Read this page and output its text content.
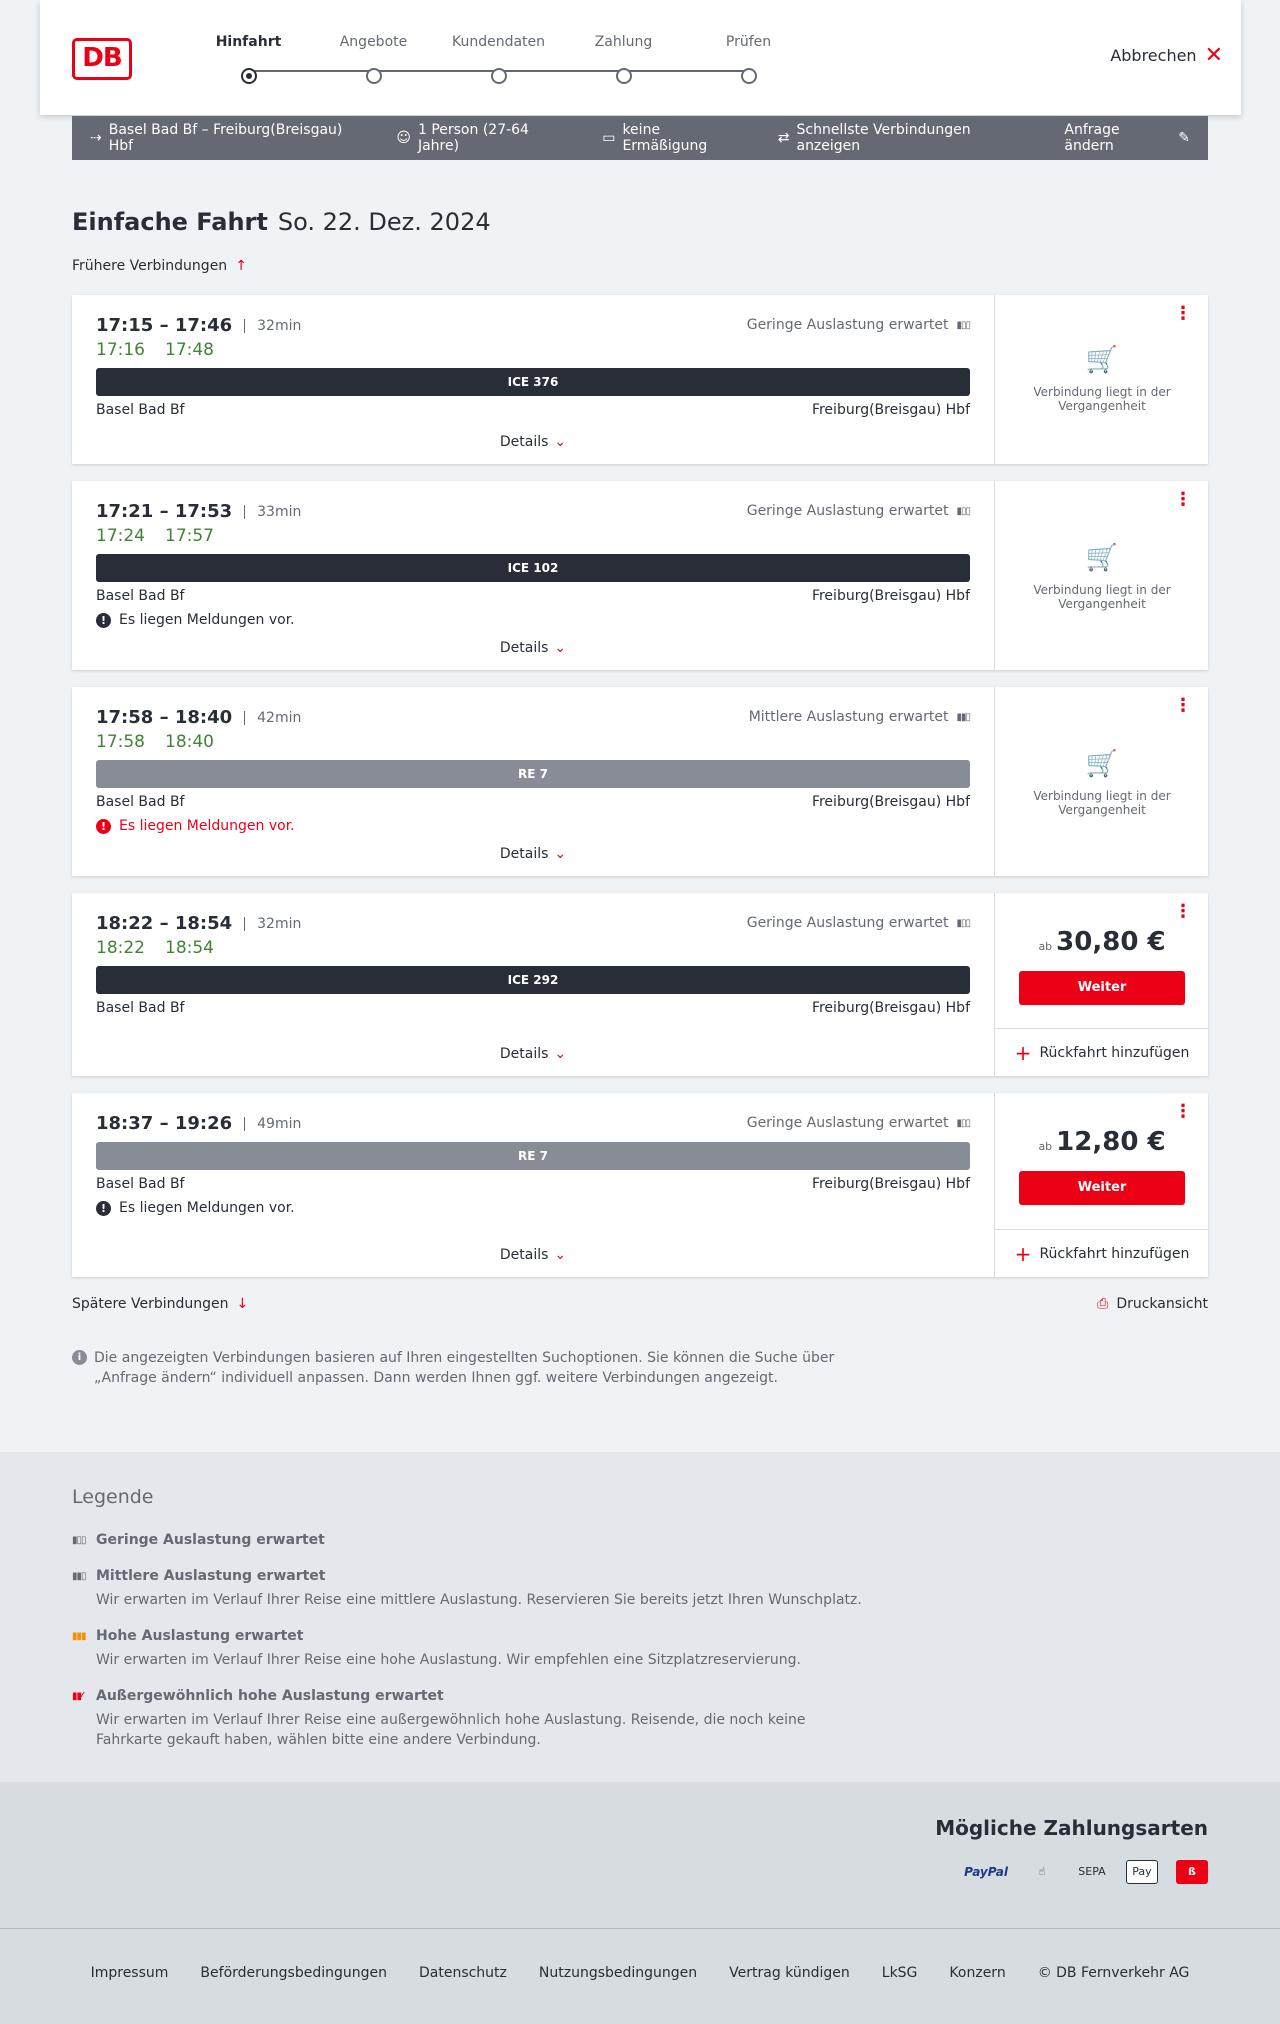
DB
Hinfahrt	Angebote	Kundendaten	Zahlung	Prüfen
Abbrechen ✕
⇢ Basel Bad Bf – Freiburg(Breisgau) Hbf	☺ 1 Person (27-64 Jahre)	▭ keine Ermäßigung	⇄ Schnellste Verbindungen anzeigen
Anfrage ändern	✎
Einfache Fahrt So. 22. Dez. 2024
Frühere Verbindungen ↑
17:15 – 17:46	32min	Geringe Auslastung erwartet ▮▯▯
17:16 17:48
ICE 376
Basel Bad Bf	Freiburg(Breisgau) Hbf
Details ⌄
⋮
🛒
Verbindung liegt in der Vergangenheit
17:21 – 17:53	33min	Geringe Auslastung erwartet ▮▯▯
17:24 17:57
ICE 102
Basel Bad Bf	Freiburg(Breisgau) Hbf
! Es liegen Meldungen vor.
Details ⌄
⋮
🛒
Verbindung liegt in der Vergangenheit
17:58 – 18:40	42min	Mittlere Auslastung erwartet ▮▮▯
17:58 18:40
RE 7
Basel Bad Bf	Freiburg(Breisgau) Hbf
! Es liegen Meldungen vor.
Details ⌄
⋮
🛒
Verbindung liegt in der Vergangenheit
18:22 – 18:54	32min	Geringe Auslastung erwartet ▮▯▯
18:22 18:54
ICE 292
Basel Bad Bf	Freiburg(Breisgau) Hbf
Details ⌄
⋮
ab 30,80 €
Weiter
+ Rückfahrt hinzufügen
18:37 – 19:26	49min	Geringe Auslastung erwartet ▮▯▯
RE 7
Basel Bad Bf	Freiburg(Breisgau) Hbf
! Es liegen Meldungen vor.
Details ⌄
⋮
ab 12,80 €
Weiter
+ Rückfahrt hinzufügen
Spätere Verbindungen ↓	⎙ Druckansicht
i Die angezeigten Verbindungen basieren auf Ihren eingestellten Suchoptionen. Sie können die Suche über „Anfrage ändern“ individuell anpassen. Dann werden Ihnen ggf. weitere Verbindungen angezeigt.
Legende
▮▯▯ Geringe Auslastung erwartet
▮▮▯ Mittlere Auslastung erwartet
Wir erwarten im Verlauf Ihrer Reise eine mittlere Auslastung. Reservieren Sie bereits jetzt Ihren Wunschplatz.
▮▮▮ Hohe Auslastung erwartet
Wir erwarten im Verlauf Ihrer Reise eine hohe Auslastung. Wir empfehlen eine Sitzplatzreservierung.
▮▮⁄	Außergewöhnlich hohe Auslastung erwartet
Wir erwarten im Verlauf Ihrer Reise eine außergewöhnlich hohe Auslastung. Reisende, die noch keine Fahrkarte gekauft haben, wählen bitte eine andere Verbindung.
Mögliche Zahlungsarten
PayPal	☝	SEPA	Pay	ß
Impressum Beförderungsbedingungen Datenschutz Nutzungsbedingungen Vertrag kündigen LkSG Konzern © DB Fernverkehr AG
